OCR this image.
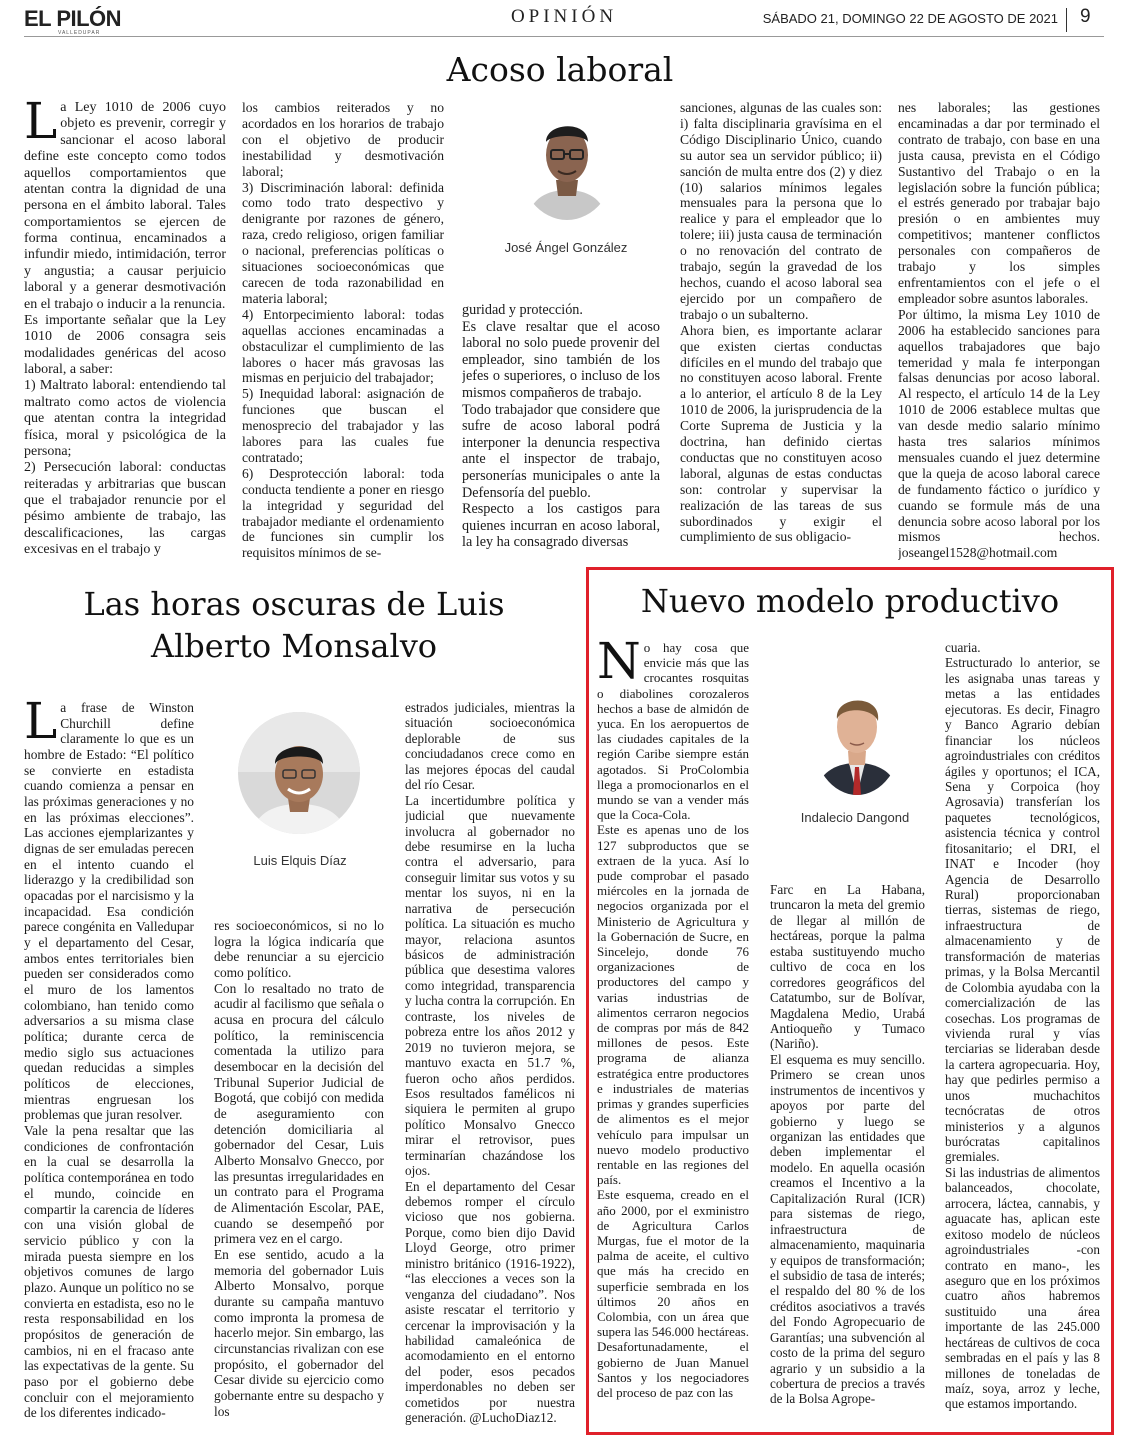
EL PILÓN
VALLEDUPAR
OPINIÓN	SÁBADO 21, DOMINGO 22 DE AGOSTO DE 2021 9
Acoso laboral
L a Ley 1010 de 2006 cuyo objeto es prevenir, corregir y sancionar el acoso laboral define este concepto como todos aquellos comportamientos que atentan contra la dignidad de una persona en el ámbito laboral. Tales comportamientos se ejercen de forma continua, encaminados a infundir miedo, intimidación, terror y angustia; a causar perjuicio laboral y a generar desmotivación en el trabajo o inducir a la renuncia.
Es importante señalar que la Ley 1010 de 2006 consagra seis modalidades genéricas del acoso laboral, a saber:
1) Maltrato laboral: entendiendo tal maltrato como actos de violencia que atentan contra la integridad física, moral y psicológica de la persona;
2) Persecución laboral: conductas reiteradas y arbitrarias que buscan que el trabajador renuncie por el pésimo ambiente de trabajo, las descalificaciones, las cargas excesivas en el trabajo y
los cambios reiterados y no acordados en los horarios de trabajo con el objetivo de producir inestabilidad y desmotivación laboral;
3) Discriminación laboral: definida como todo trato despectivo y denigrante por razones de género, raza, credo religioso, origen familiar o nacional, preferencias políticas o situaciones socioeconómicas que carecen de toda razonabilidad en materia laboral;
4) Entorpecimiento laboral: todas aquellas acciones encaminadas a obstaculizar el cumplimiento de las labores o hacer más gravosas las mismas en perjuicio del trabajador;
5) Inequidad laboral: asignación de funciones que buscan el menosprecio del trabajador y las labores para las cuales fue contratado;
6) Desprotección laboral: toda conducta tendiente a poner en riesgo la integridad y seguridad del trabajador mediante el ordenamiento de funciones sin cumplir los requisitos mínimos de se-
José Ángel González
guridad y protección.
Es clave resaltar que el acoso laboral no solo puede provenir del empleador, sino también de los jefes o superiores, o incluso de los mismos compañeros de trabajo.
Todo trabajador que considere que sufre de acoso laboral podrá interponer la denuncia respectiva ante el inspector de trabajo, personerías municipales o ante la Defensoría del pueblo.
Respecto a los castigos para quienes incurran en acoso laboral, la ley ha consagrado diversas
sanciones, algunas de las cuales son: i) falta disciplinaria gravísima en el Código Disciplinario Único, cuando su autor sea un servidor público; ii) sanción de multa entre dos (2) y diez (10) salarios mínimos legales mensuales para la persona que lo realice y para el empleador que lo tolere; iii) justa causa de terminación o no renovación del contrato de trabajo, según la gravedad de los hechos, cuando el acoso laboral sea ejercido por un compañero de trabajo o un subalterno.
Ahora bien, es importante aclarar que existen ciertas conductas difíciles en el mundo del trabajo que no constituyen acoso laboral. Frente a lo anterior, el artículo 8 de la Ley 1010 de 2006, la jurisprudencia de la Corte Suprema de Justicia y la doctrina, han definido ciertas conductas que no constituyen acoso laboral, algunas de estas conductas son: controlar y supervisar la realización de las tareas de sus subordinados y exigir el cumplimiento de sus obligacio-
nes laborales; las gestiones encaminadas a dar por terminado el contrato de trabajo, con base en una justa causa, prevista en el Código Sustantivo del Trabajo o en la legislación sobre la función pública; el estrés generado por trabajar bajo presión o en ambientes muy competitivos; mantener conflictos personales con compañeros de trabajo y los simples enfrentamientos con el jefe o el empleador sobre asuntos laborales.
Por último, la misma Ley 1010 de 2006 ha establecido sanciones para aquellos trabajadores que bajo temeridad y mala fe interpongan falsas denuncias por acoso laboral. Al respecto, el artículo 14 de la Ley 1010 de 2006 establece multas que van desde medio salario mínimo hasta tres salarios mínimos mensuales cuando el juez determine que la queja de acoso laboral carece de fundamento fáctico o jurídico y cuando se formule más de una denuncia sobre acoso laboral por los mismos hechos. joseangel1528@hotmail.com
Las horas oscuras de Luis Alberto Monsalvo
L a frase de Winston Churchill define claramente lo que es un hombre de Estado: “El político se convierte en estadista cuando comienza a pensar en las próximas generaciones y no en las próximas elecciones”. Las acciones ejemplarizantes y dignas de ser emuladas perecen en el intento cuando el liderazgo y la credibilidad son opacadas por el narcisismo y la incapacidad. Esa condición parece congénita en Valledupar y el departamento del Cesar, ambos entes territoriales bien pueden ser considerados como el muro de los lamentos colombiano, han tenido como adversarios a su misma clase política; durante cerca de medio siglo sus actuaciones quedan reducidas a simples políticos de elecciones, mientras engruesan los problemas que juran resolver.
Vale la pena resaltar que las condiciones de confrontación en la cual se desarrolla la política contemporánea en todo el mundo, coincide en compartir la carencia de líderes con una visión global de servicio público y con la mirada puesta siempre en los objetivos comunes de largo plazo. Aunque un político no se convierta en estadista, eso no le resta responsabilidad en los propósitos de generación de cambios, ni en el fracaso ante las expectativas de la gente. Su paso por el gobierno debe concluir con el mejoramiento de los diferentes indicado-
Luis Elquis Díaz
res socioeconómicos, si no lo logra la lógica indicaría que debe renunciar a su ejercicio como político.
Con lo resaltado no trato de acudir al facilismo que señala o acusa en procura del cálculo político, la reminiscencia comentada la utilizo para desembocar en la decisión del Tribunal Superior Judicial de Bogotá, que cobijó con medida de aseguramiento con detención domiciliaria al gobernador del Cesar, Luis Alberto Monsalvo Gnecco, por las presuntas irregularidades en un contrato para el Programa de Alimentación Escolar, PAE, cuando se desempeñó por primera vez en el cargo.
En ese sentido, acudo a la memoria del gobernador Luis Alberto Monsalvo, porque durante su campaña mantuvo como impronta la promesa de hacerlo mejor. Sin embargo, las circunstancias rivalizan con ese propósito, el gobernador del Cesar divide su ejercicio como gobernante entre su despacho y los
estrados judiciales, mientras la situación socioeconómica deplorable de sus conciudadanos crece como en las mejores épocas del caudal del río Cesar.
La incertidumbre política y judicial que nuevamente involucra al gobernador no debe resumirse en la lucha contra el adversario, para conseguir limitar sus votos y su mentar los suyos, ni en la narrativa de persecución política. La situación es mucho mayor, relaciona asuntos básicos de administración pública que desestima valores como integridad, transparencia y lucha contra la corrupción. En contraste, los niveles de pobreza entre los años 2012 y 2019 no tuvieron mejora, se mantuvo exacta en 51.7 %, fueron ocho años perdidos. Esos resultados famélicos ni siquiera le permiten al grupo político Monsalvo Gnecco mirar el retrovisor, pues terminarían chazándose los ojos.
En el departamento del Cesar debemos romper el círculo vicioso que nos gobierna. Porque, como bien dijo David Lloyd George, otro primer ministro británico (1916-1922), “las elecciones a veces son la venganza del ciudadano”. Nos asiste rescatar el territorio y cercenar la improvisación y la habilidad camaleónica de acomodamiento en el entorno del poder, esos pecados imperdonables no deben ser cometidos por nuestra generación. @LuchoDiaz12.
Nuevo modelo productivo
N o hay cosa que envicie más que las crocantes rosquitas o diabolines corozaleros hechos a base de almidón de yuca. En los aeropuertos de las ciudades capitales de la región Caribe siempre están agotados. Si ProColombia llega a promocionarlos en el mundo se van a vender más que la Coca-Cola.
Este es apenas uno de los 127 subproductos que se extraen de la yuca. Así lo pude comprobar el pasado miércoles en la jornada de negocios organizada por el Ministerio de Agricultura y la Gobernación de Sucre, en Sincelejo, donde 76 organizaciones de productores del campo y varias industrias de alimentos cerraron negocios de compras por más de 842 millones de pesos. Este programa de alianza estratégica entre productores e industriales de materias primas y grandes superficies de alimentos es el mejor vehículo para impulsar un nuevo modelo productivo rentable en las regiones del país.
Este esquema, creado en el año 2000, por el exministro de Agricultura Carlos Murgas, fue el motor de la palma de aceite, el cultivo que más ha crecido en superficie sembrada en los últimos 20 años en Colombia, con un área que supera las 546.000 hectáreas. Desafortunadamente, el gobierno de Juan Manuel Santos y los negociadores del proceso de paz con las
Indalecio Dangond
Farc en La Habana, truncaron la meta del gremio de llegar al millón de hectáreas, porque la palma estaba sustituyendo mucho cultivo de coca en los corredores geográficos del Catatumbo, sur de Bolívar, Magdalena Medio, Urabá Antioqueño y Tumaco (Nariño).
El esquema es muy sencillo. Primero se crean unos instrumentos de incentivos y apoyos por parte del gobierno y luego se organizan las entidades que deben implementar el modelo. En aquella ocasión creamos el Incentivo a la Capitalización Rural (ICR) para sistemas de riego, infraestructura de almacenamiento, maquinaria y equipos de transformación; el subsidio de tasa de interés; el respaldo del 80 % de los créditos asociativos a través del Fondo Agropecuario de Garantías; una subvención al costo de la prima del seguro agrario y un subsidio a la cobertura de precios a través de la Bolsa Agrope-
cuaria.
Estructurado lo anterior, se les asignaba unas tareas y metas a las entidades ejecutoras. Es decir, Finagro y Banco Agrario debían financiar los núcleos agroindustriales con créditos ágiles y oportunos; el ICA, Sena y Corpoica (hoy Agrosavia) transferían los paquetes tecnológicos, asistencia técnica y control fitosanitario; el DRI, el INAT e Incoder (hoy Agencia de Desarrollo Rural) proporcionaban tierras, sistemas de riego, infraestructura de almacenamiento y de transformación de materias primas, y la Bolsa Mercantil de Colombia ayudaba con la comercialización de las cosechas. Los programas de vivienda rural y vías terciarias se lideraban desde la cartera agropecuaria. Hoy, hay que pedirles permiso a unos muchachitos tecnócratas de otros ministerios y a algunos burócratas capitalinos gremiales.
Si las industrias de alimentos balanceados, chocolate, arrocera, láctea, cannabis, y aguacate has, aplican este exitoso modelo de núcleos agroindustriales -con contrato en mano-, les aseguro que en los próximos cuatro años habremos sustituido una área importante de las 245.000 hectáreas de cultivos de coca sembradas en el país y las 8 millones de toneladas de maíz, soya, arroz y leche, que estamos importando.
